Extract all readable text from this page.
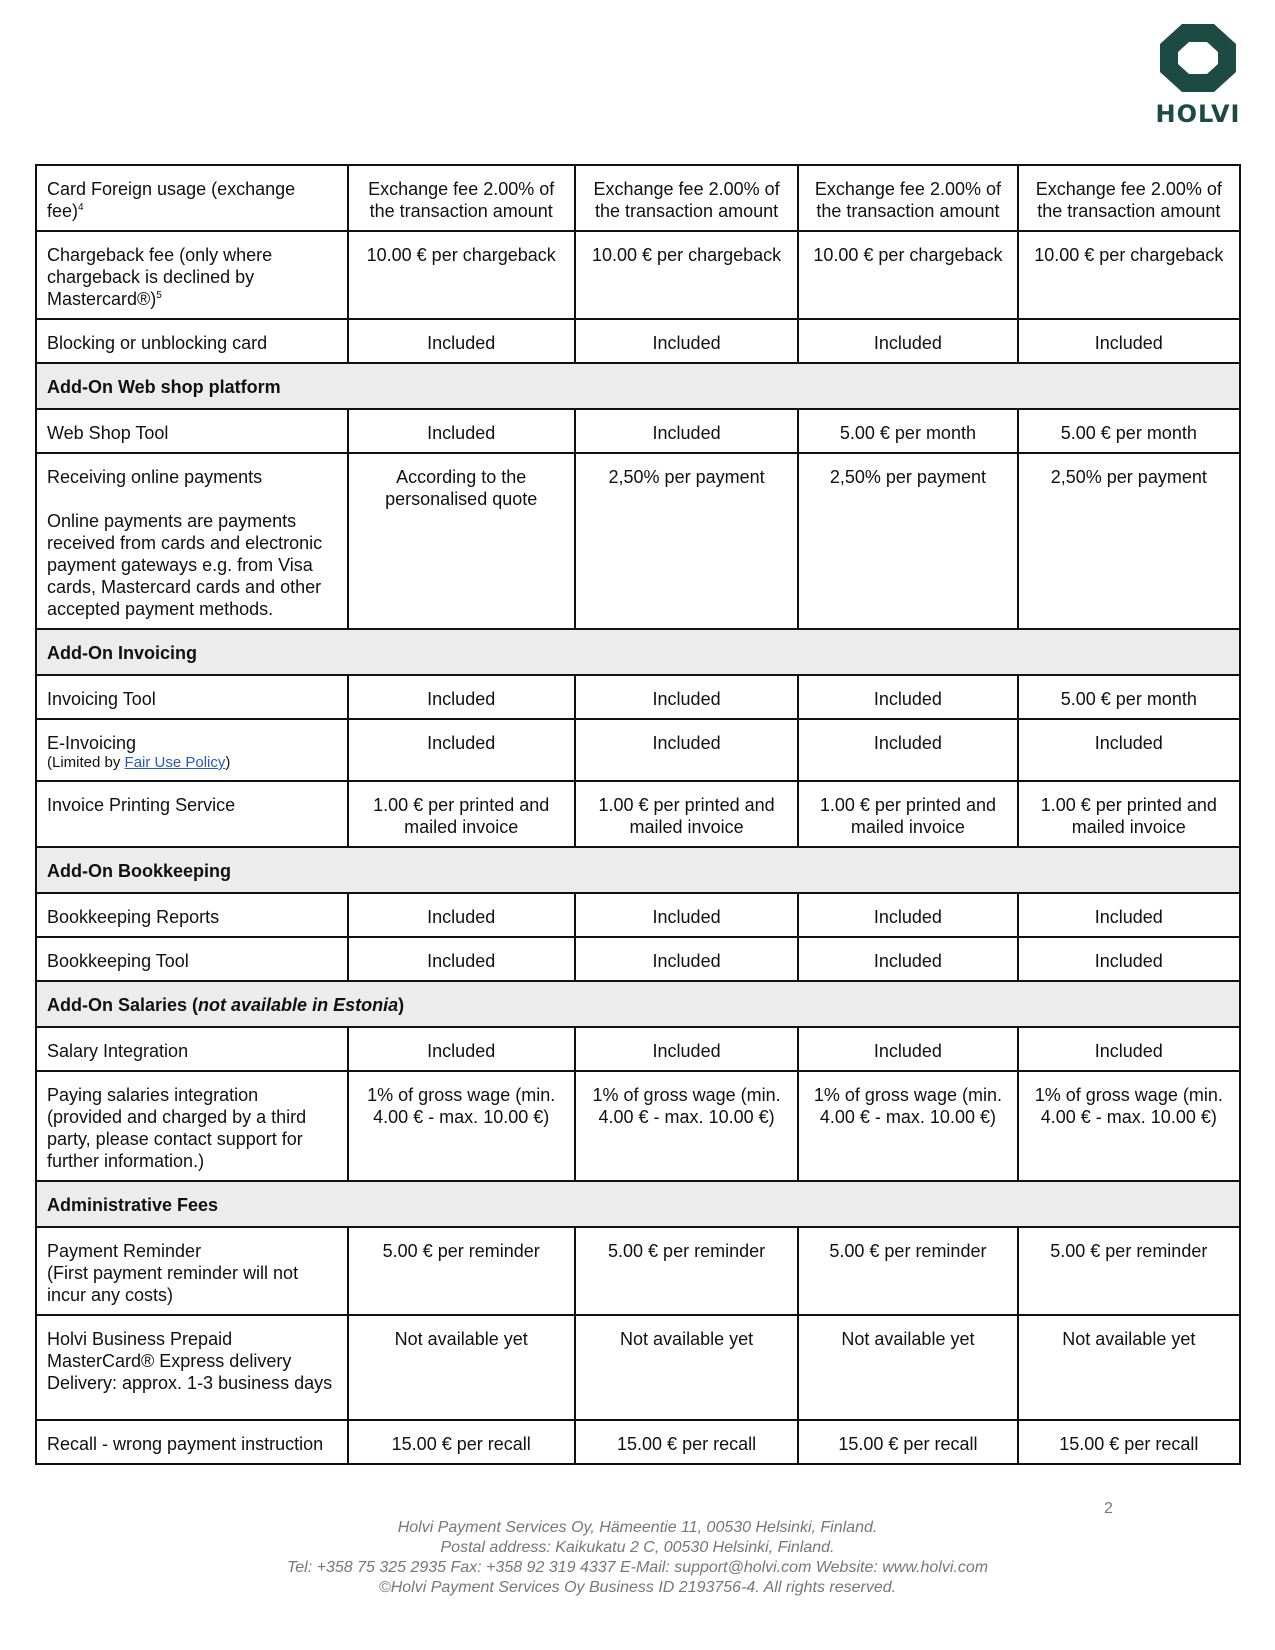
HOLVI
Card Foreign usage (exchange fee)$^4$	Exchange fee 2.00% of the transaction amount	Exchange fee 2.00% of the transaction amount	Exchange fee 2.00% of the transaction amount	Exchange fee 2.00% of the transaction amount
Chargeback fee (only where chargeback is declined by Mastercard®)$^5$	10.00 € per chargeback	10.00 € per chargeback	10.00 € per chargeback	10.00 € per chargeback
Blocking or unblocking card	Included	Included	Included	Included
Add-On Web shop platform				
Web Shop Tool	Included	Included	5.00 € per month	5.00 € per month

Receiving online payments
Online payments are payments received from cards and electronic payment gateways e.g. from Visa cards, Mastercard cards and other accepted payment methods.	According to the personalised quote	2,50% per payment	2,50% per payment	2,50% per payment
Add-On Invoicing				
Invoicing Tool	Included	Included	Included	5.00 € per month

E-Invoicing
(Limited by Fair Use Policy)	Included	Included	Included	Included
Invoice Printing Service	1.00 € per printed and mailed invoice	1.00 € per printed and mailed invoice	1.00 € per printed and mailed invoice	1.00 € per printed and mailed invoice
Add-On Bookkeeping				
Bookkeeping Reports	Included	Included	Included	Included
Bookkeeping Tool	Included	Included	Included	Included
Add-On Salaries (not available in Estonia)				
Salary Integration	Included	Included	Included	Included
Paying salaries integration (provided and charged by a third party, please contact support for further information.)	1% of gross wage (min. 4.00 € - max. 10.00 €)	1% of gross wage (min. 4.00 € - max. 10.00 €)	1% of gross wage (min. 4.00 € - max. 10.00 €)	1% of gross wage (min. 4.00 € - max. 10.00 €)
Administrative Fees				

Payment Reminder
(First payment reminder will not incur any costs)	5.00 € per reminder	5.00 € per reminder	5.00 € per reminder	5.00 € per reminder

Holvi Business Prepaid MasterCard® Express delivery
Delivery: approx. 1-3 business days	Not available yet	Not available yet	Not available yet	Not available yet
Recall - wrong payment instruction	15.00 € per recall	15.00 € per recall	15.00 € per recall	15.00 € per recall
2
Holvi Payment Services Oy, Hämeentie 11, 00530 Helsinki, Finland.
Postal address: Kaikukatu 2 C, 00530 Helsinki, Finland.
Tel: +358 75 325 2935 Fax: +358 92 319 4337 E-Mail: support@holvi.com Website: www.holvi.com
©Holvi Payment Services Oy Business ID 2193756-4. All rights reserved.
